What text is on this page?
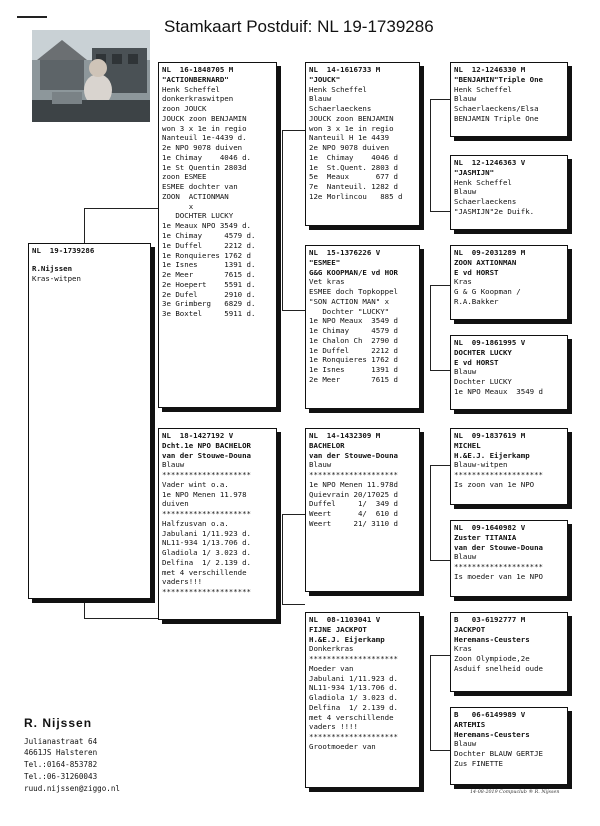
Stamkaart Postduif: NL 19-1739286
NL  19-1739286
R.Nijssen
Kras-witpen
NL  16-1848705 M
"ACTIONBERNARD"
Henk Scheffel
donkerkraswitpen
zoon JOUCK
JOUCK zoon BENJAMIN
won 3 x 1e in regio
Nanteuil 1e-4439 d.
2e NPO 9078 duiven
1e Chimay    4046 d.
1e St Quentin 2803d
zoon ESMEE
ESMEE dochter van
ZOON  ACTIONMAN
x
DOCHTER LUCKY
1e Meaux NPO 3549 d.
1e Chimay     4579 d.
1e Duffel     2212 d.
1e Ronquieres 1762 d
1e Isnes      1391 d.
2e Meer       7615 d.
2e Hoepert    5591 d.
2e Dufel      2910 d.
3e Grimberg   6829 d.
3e Boxtel     5911 d.
NL  18-1427192 V
Dcht.1e NPO BACHELOR
van der Stouwe-Douna
Blauw
********************
Vader wint o.a.
1e NPO Menen 11.978
duiven
********************
Halfzusvan o.a.
Jabulani 1/11.923 d.
NL11-934 1/13.706 d.
Gladiola 1/ 3.023 d.
Delfina  1/ 2.139 d.
met 4 verschillende
vaders!!!
********************
NL  14-1616733 M
"JOUCK"
Henk Scheffel
Blauw
Schaerlaeckens
JOUCK zoon BENJAMIN
won 3 x 1e in regio
Nanteuil H 1e 4439
2e NPO 9078 duiven
1e  Chimay    4046 d
1e  St.Quent. 2803 d
5e  Meaux      677 d
7e  Nanteuil. 1282 d
12e Morlincou   885 d
NL  15-1376226 V
"ESMEE"
G&G KOOPMAN/E vd HOR
Vet kras
ESMEE doch Topkoppel
"SON ACTION MAN" x
Dochter "LUCKY"
1e NPO Meaux  3549 d
1e Chimay     4579 d
1e Chalon Ch  2790 d
1e Duffel     2212 d
1e Ronquieres 1762 d
1e Isnes      1391 d
2e Meer       7615 d
NL  14-1432309 M
BACHELOR
van der Stouwe-Douna
Blauw
********************
1e NPO Menen 11.978d
Quievrain 20/17025 d
Duffel     1/  349 d
Weert      4/  610 d
Weert     21/ 3110 d
NL  08-1103041 V
FIJNE JACKPOT
H.&E.J. Eijerkamp
Donkerkras
********************
Moeder van
Jabulani 1/11.923 d.
NL11-934 1/13.706 d.
Gladiola 1/ 3.023 d.
Delfina  1/ 2.139 d.
met 4 verschillende
vaders !!!!
********************
Grootmoeder van
NL  12-1246330 M
"BENJAMIN"Triple One
Henk Scheffel
Blauw
Schaerlaeckens/Elsa
BENJAMIN Triple One
NL  12-1246363 V
"JASMIJN"
Henk Scheffel
Blauw
Schaerlaeckens
"JASMIJN"2e Duifk.
NL  09-2031289 M
ZOON AXTIONMAN
E vd HORST
Kras
G & G Koopman /
R.A.Bakker
NL  09-1861995 V
DOCHTER LUCKY
E vd HORST
Blauw
Dochter LUCKY
1e NPO Meaux  3549 d
NL  09-1837619 M
MICHEL
H.&E.J. Eijerkamp
Blauw-witpen
********************
Is zoon van 1e NPO
NL  09-1640982 V
Zuster TITANIA
van der Stouwe-Douna
Blauw
********************
Is moeder van 1e NPO
B   03-6192777 M
JACKPOT
Heremans-Ceusters
Kras
Zoon Olympiode,2e
Asduif snelheid oude
B   06-6149989 V
ARTEMIS
Heremans-Ceusters
Blauw
Dochter BLAUW GERTJE
Zus FINETTE
R. Nijssen
Julianastraat 64
4661JS Halsteren
Tel.:0164-853782
Tel.:06-31260043
ruud.nijssen@ziggo.nl	14-08-2019 Compuclub ® R. Nijssen
